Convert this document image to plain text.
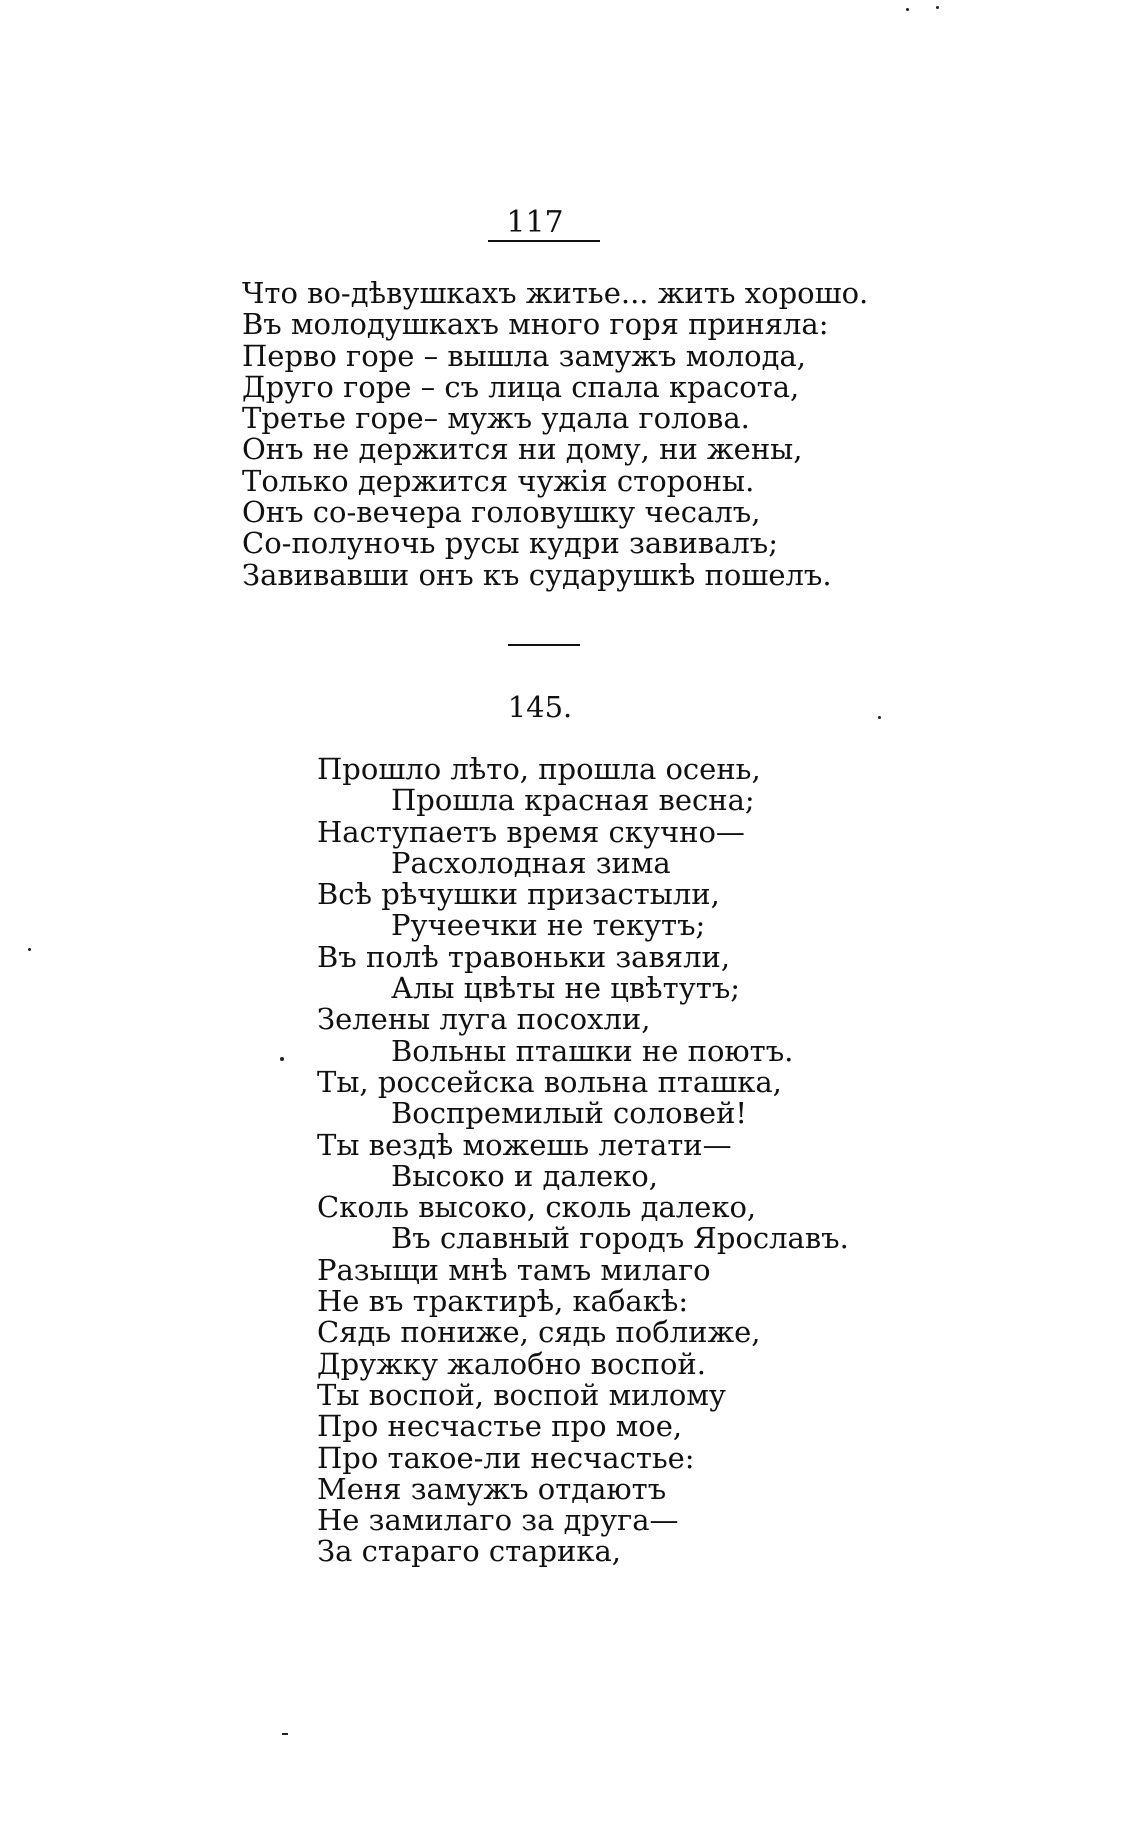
117
Что во-дѣвушкахъ житье... жить хорошо.
Въ молодушкахъ много горя приняла:
Перво горе – вышла замужъ молода,
Друго горе – съ лица спала красота,
Третье горе– мужъ удала голова.
Онъ не держится ни дому, ни жены,
Только держится чужiя стороны.
Онъ со-вечера головушку чесалъ,
Со-полуночь русы кудри завивалъ;
Завивавши онъ къ сударушкѣ пошелъ.
145.
Прошло лѣто, прошла осень,
Прошла красная весна;
Наступаетъ время скучно—
Расхолодная зима
Всѣ рѣчушки призастыли,
Ручеечки не текутъ;
Въ полѣ травоньки завяли,
Алы цвѣты не цвѣтутъ;
Зелены луга посохли,
Вольны пташки не поютъ.
Ты, россейска вольна пташка,
Воспремилый соловей!
Ты вездѣ можешь летати—
Высоко и далеко,
Сколь высоко, сколь далеко,
Въ славный городъ Ярославъ.
Разыщи мнѣ тамъ милаго
Не въ трактирѣ, кабакѣ:
Сядь пониже, сядь поближе,
Дружку жалобно воспой.
Ты воспой, воспой милому
Про несчастье про мое,
Про такое-ли несчастье:
Меня замужъ отдаютъ
Не замилаго за друга—
За стараго старика,
